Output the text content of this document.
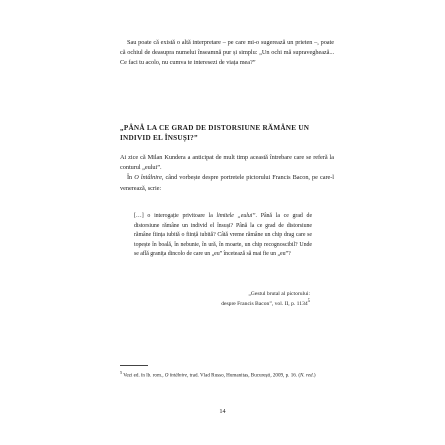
Sau poate că există o altă interpretare – pe care mi-o sugerează un prieten –, poate că ochiul de deasupra numelui înseamnă pur și simplu: „Un ochi mă supraveghează... Ce faci tu acolo, nu cumva te interesezi de viața mea?”

„PÂNĂ LA CE GRAD DE DISTORSIUNE RĂMÂNE UN INDIVID EL ÎNSUȘI?”

Ai zice că Milan Kundera a anticipat de mult timp această întrebare care se referă la conturul „eului”.

În O întâlnire, când vorbește despre portretele pictorului Francis Bacon, pe care-l venerează, scrie:

[…] o interogație privitoare la limitele „eului”. Până la ce grad de distorsiune rămâne un individ el însuși? Până la ce grad de distorsiune rămâne ființa iubită o ființă iubită? Câtă vreme rămâne un chip drag care se topește în boală, în nebunie, în ură, în moarte, un chip recognoscibil? Unde se află granița dincolo de care un „eu” încetează să mai fie un „eu”?

„Gestul brutal al pictorului:
despre Francis Bacon”, vol. II, p. 1134$^5$

$^5$ Vezi ed. în lb. rom., O întâlnire, trad. Vlad Russo, Humanitas, București, 2009, p. 16. (N. red.)

14
